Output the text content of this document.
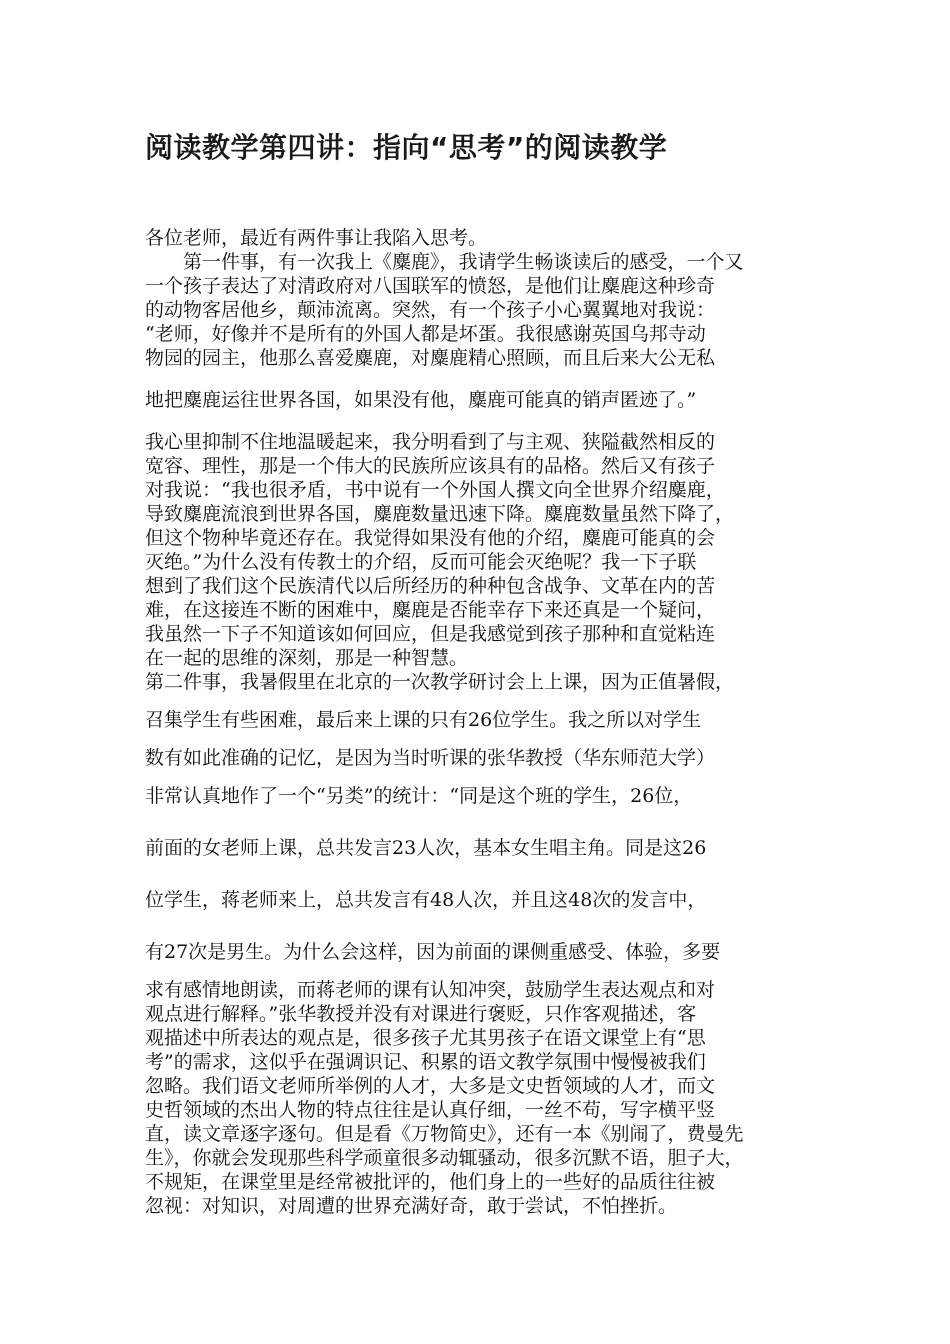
阅读教学第四讲：指向“思考”的阅读教学
各位老师，最近有两件事让我陷入思考。
　　第一件事，有一次我上《麋鹿》，我请学生畅谈读后的感受，一个又
一个孩子表达了对清政府对八国联军的愤怒，是他们让麋鹿这种珍奇
的动物客居他乡，颠沛流离。突然，有一个孩子小心翼翼地对我说：
“老师，好像并不是所有的外国人都是坏蛋。我很感谢英国乌邦寺动
物园的园主，他那么喜爱麋鹿，对麋鹿精心照顾，而且后来大公无私
地把麋鹿运往世界各国，如果没有他，麋鹿可能真的销声匿迹了。”
我心里抑制不住地温暖起来，我分明看到了与主观、狭隘截然相反的
宽容、理性，那是一个伟大的民族所应该具有的品格。然后又有孩子
对我说：“我也很矛盾，书中说有一个外国人撰文向全世界介绍麋鹿，
导致麋鹿流浪到世界各国，麋鹿数量迅速下降。麋鹿数量虽然下降了，
但这个物种毕竟还存在。我觉得如果没有他的介绍，麋鹿可能真的会
灭绝。”为什么没有传教士的介绍，反而可能会灭绝呢？我一下子联
想到了我们这个民族清代以后所经历的种种包含战争、文革在内的苦
难，在这接连不断的困难中，麋鹿是否能幸存下来还真是一个疑问，
我虽然一下子不知道该如何回应，但是我感觉到孩子那种和直觉粘连
在一起的思维的深刻，那是一种智慧。
第二件事，我暑假里在北京的一次教学研讨会上上课，因为正值暑假，
召集学生有些困难，最后来上课的只有26位学生。我之所以对学生
数有如此准确的记忆，是因为当时听课的张华教授（华东师范大学）
非常认真地作了一个“另类”的统计：“同是这个班的学生，26位，
前面的女老师上课，总共发言23人次，基本女生唱主角。同是这26
位学生，蒋老师来上，总共发言有48人次，并且这48次的发言中，
有27次是男生。为什么会这样，因为前面的课侧重感受、体验，多要
求有感情地朗读，而蒋老师的课有认知冲突，鼓励学生表达观点和对
观点进行解释。”张华教授并没有对课进行褒贬，只作客观描述，客
观描述中所表达的观点是，很多孩子尤其男孩子在语文课堂上有“思
考”的需求，这似乎在强调识记、积累的语文教学氛围中慢慢被我们
忽略。我们语文老师所举例的人才，大多是文史哲领域的人才，而文
史哲领域的杰出人物的特点往往是认真仔细，一丝不苟，写字横平竖
直，读文章逐字逐句。但是看《万物简史》，还有一本《别闹了，费曼先
生》，你就会发现那些科学顽童很多动辄骚动，很多沉默不语，胆子大，
不规矩，在课堂里是经常被批评的，他们身上的一些好的品质往往被
忽视：对知识，对周遭的世界充满好奇，敢于尝试，不怕挫折。
